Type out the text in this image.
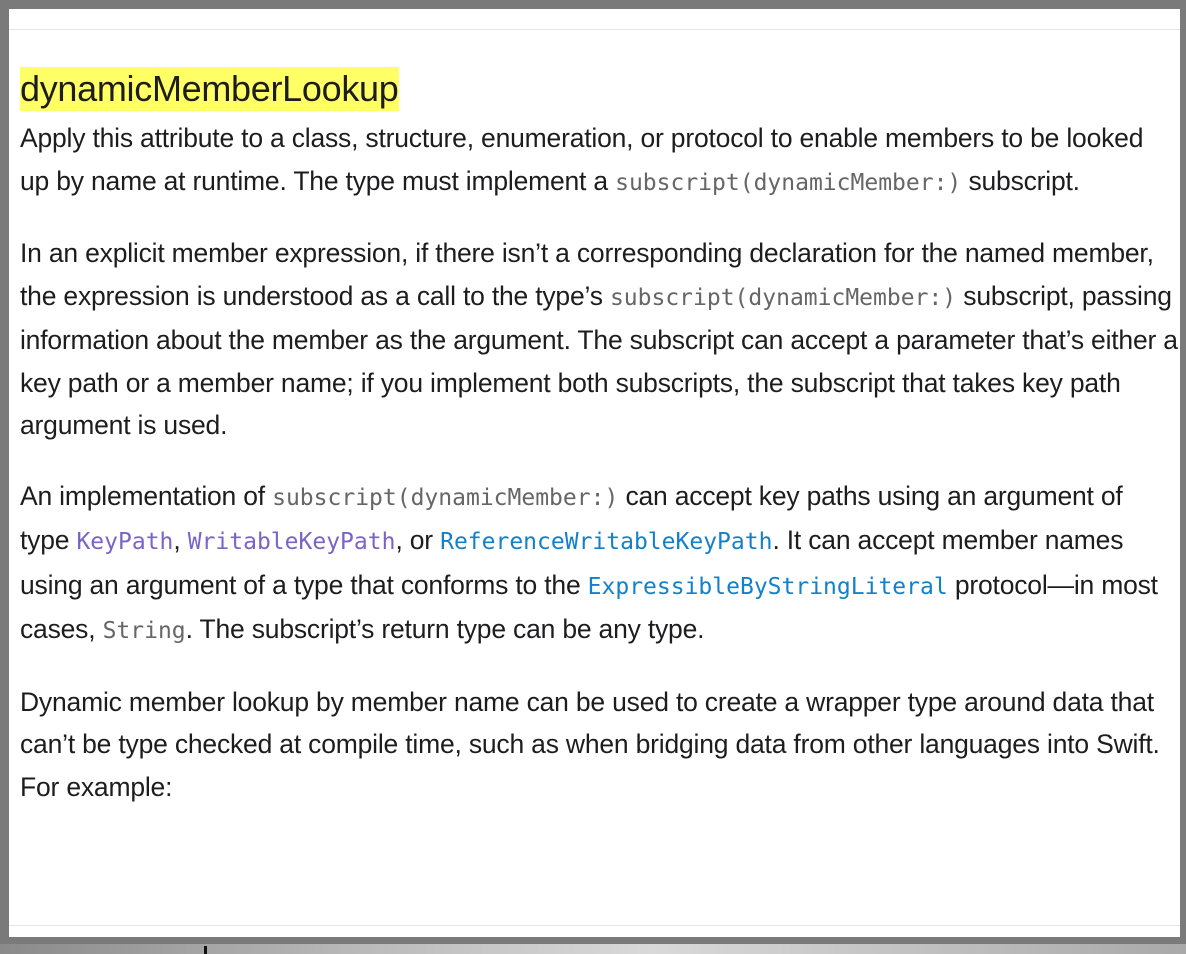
dynamicMemberLookup

Apply this attribute to a class, structure, enumeration, or protocol to enable members to be looked up by name at runtime. The type must implement a subscript(dynamicMember:) subscript.

In an explicit member expression, if there isn’t a corresponding declaration for the named member, the expression is understood as a call to the type’s subscript(dynamicMember:) subscript, passing information about the member as the argument. The subscript can accept a parameter that’s either a key path or a member name; if you implement both subscripts, the subscript that takes key path argument is used.

An implementation of subscript(dynamicMember:) can accept key paths using an argument of type KeyPath, WritableKeyPath, or ReferenceWritableKeyPath. It can accept member names using an argument of a type that conforms to the ExpressibleByStringLiteral protocol—in most cases, String. The subscript’s return type can be any type.

Dynamic member lookup by member name can be used to create a wrapper type around data that can’t be type checked at compile time, such as when bridging data from other languages into Swift. For example:
